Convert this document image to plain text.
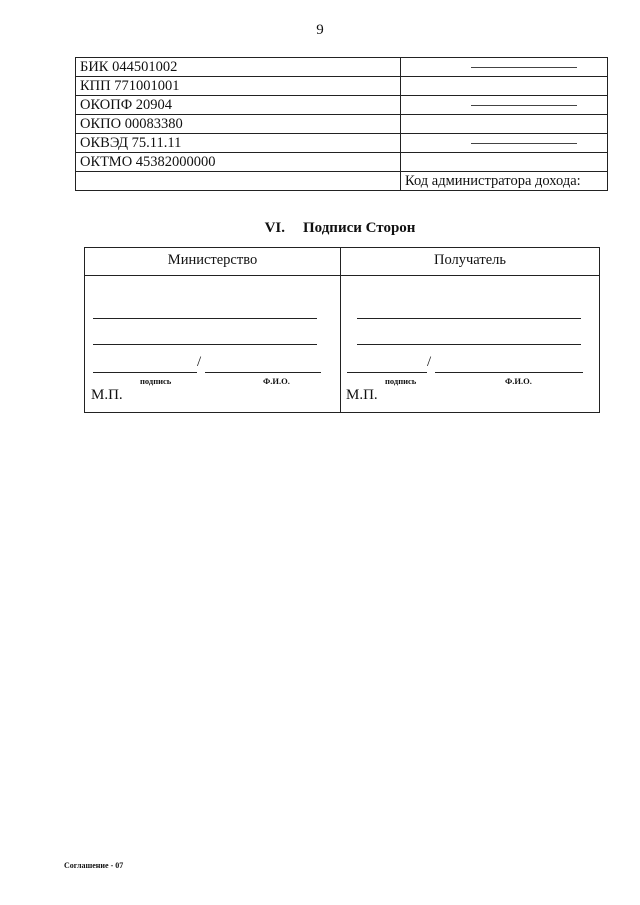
9
БИК 044501002	

КПП 771001001	
ОКОПФ 20904	

ОКПО 00083380	
ОКВЭД 75.11.11	

ОКТМО 45382000000	
	Код администратора дохода:
VI. Подписи Сторон
Министерство	Получатель
/
подпись	Ф.И.О.
М.П.
/
подпись	Ф.И.О.
М.П.
Соглашение - 07
